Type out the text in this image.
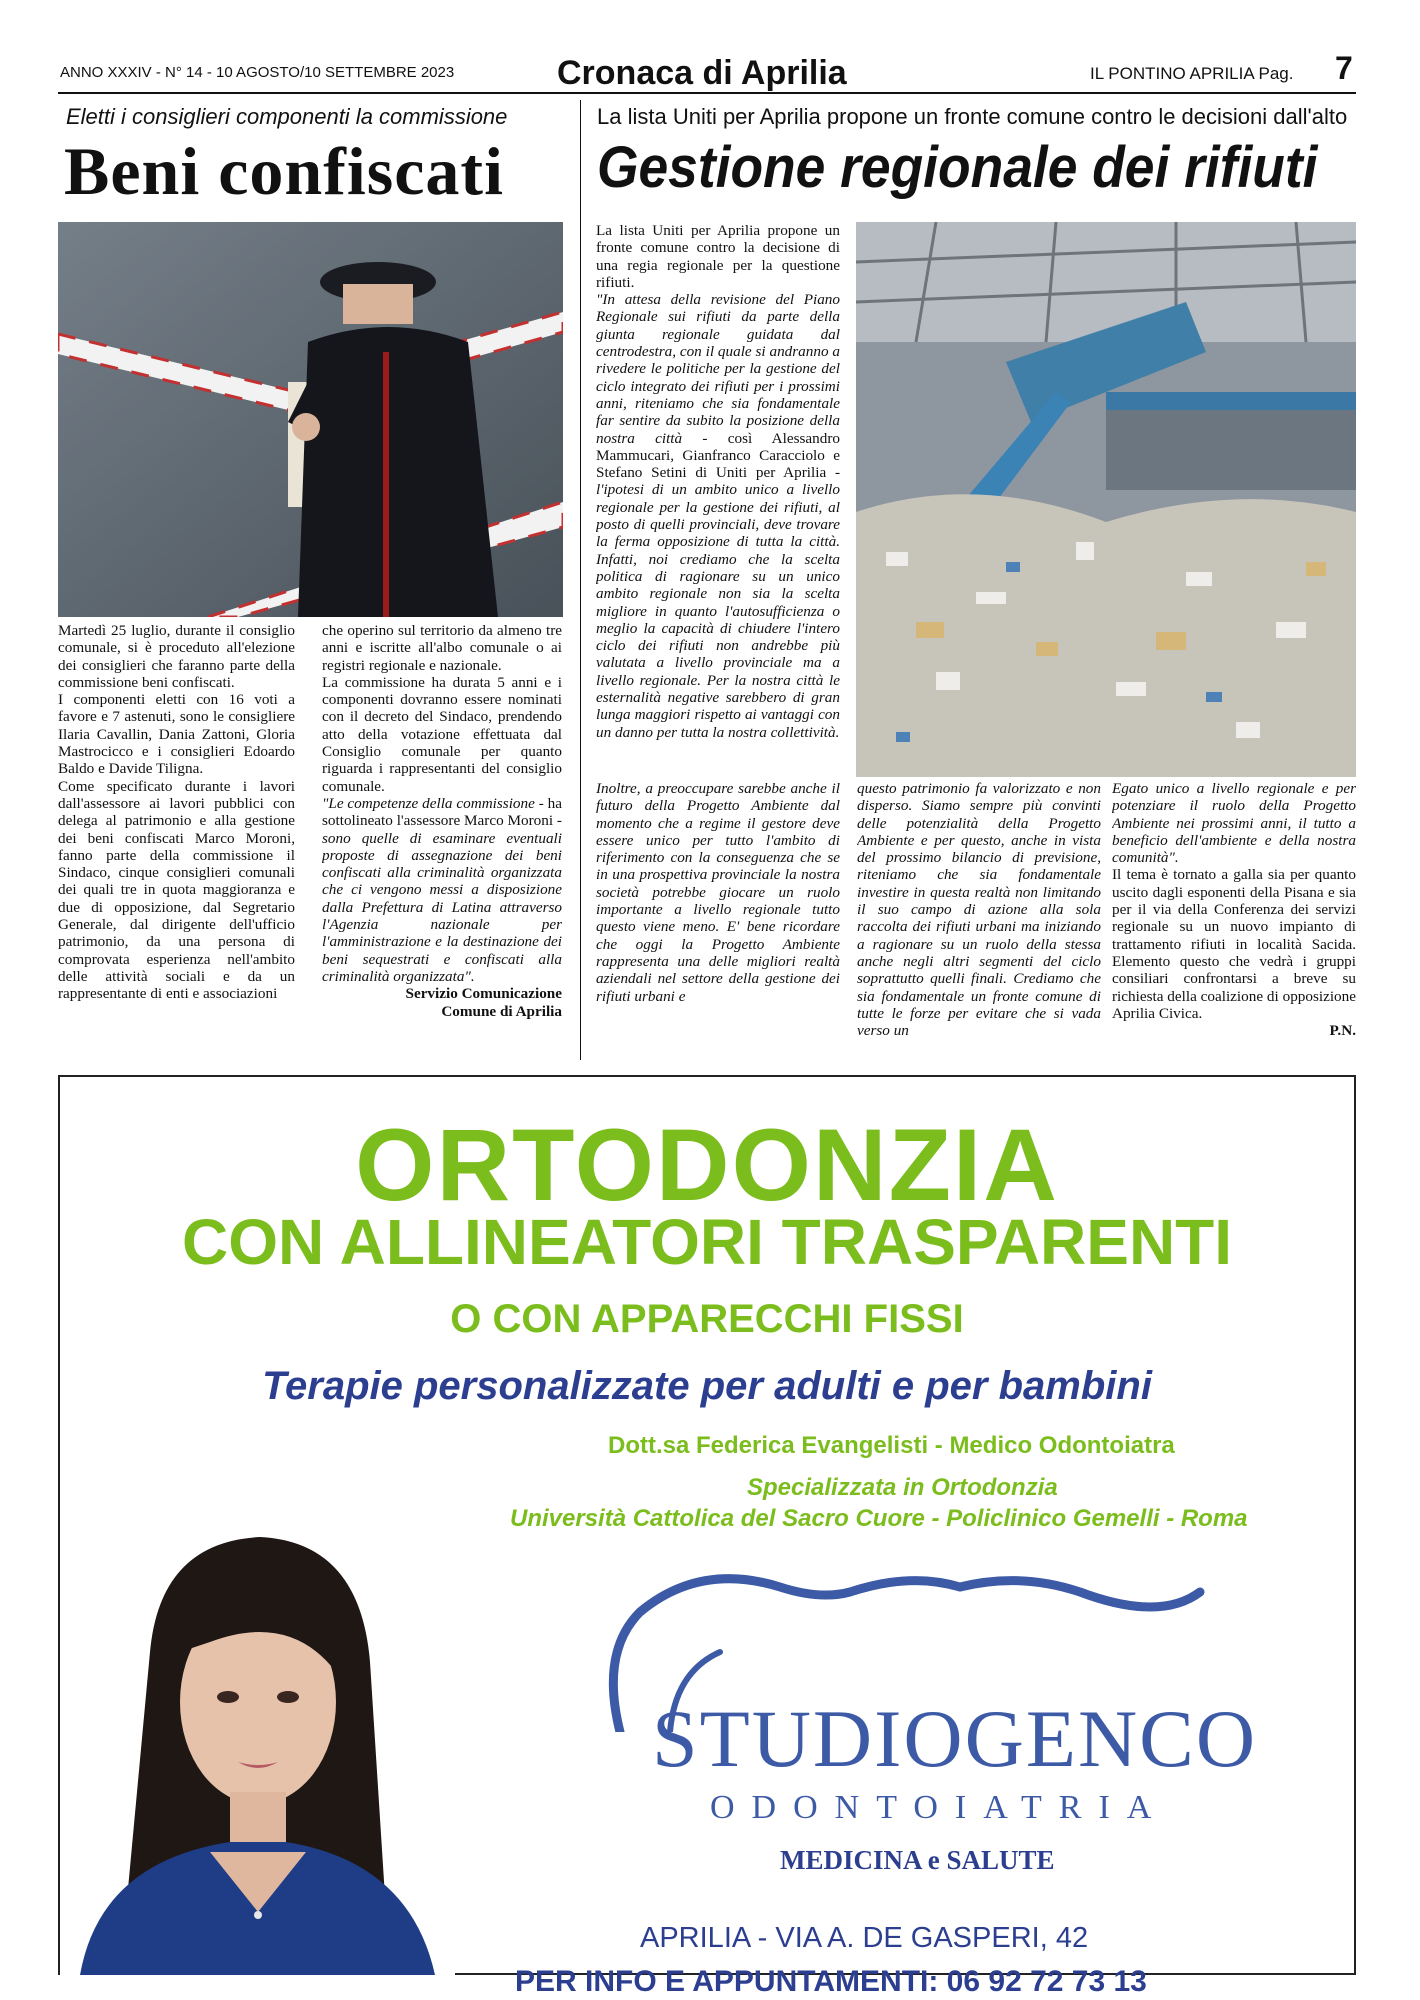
ANNO XXXIV - N° 14 - 10 AGOSTO/10 SETTEMBRE 2023	Cronaca di Aprilia	IL PONTINO APRILIA Pag. 7
Eletti i consiglieri componenti la commissione
Beni confiscati

Martedì 25 luglio, durante il consiglio comunale, si è proceduto all'elezione dei consiglieri che faranno parte della commissione beni confiscati.

I componenti eletti con 16 voti a favore e 7 astenuti, sono le consigliere Ilaria Cavallin, Dania Zattoni, Gloria Mastrocicco e i consiglieri Edoardo Baldo e Davide Tiligna.

Come specificato durante i lavori dall'assessore ai lavori pubblici con delega al patrimonio e alla gestione dei beni confiscati Marco Moroni, fanno parte della commissione il Sindaco, cinque consiglieri comunali dei quali tre in quota maggioranza e due di opposizione, dal Segretario Generale, dal dirigente dell'ufficio patrimonio, da una persona di comprovata esperienza nell'ambito delle attività sociali e da un rappresentante di enti e associazioni

che operino sul territorio da almeno tre anni e iscritte all'albo comunale o ai registri regionale e nazionale.

La commissione ha durata 5 anni e i componenti dovranno essere nominati con il decreto del Sindaco, prendendo atto della votazione effettuata dal Consiglio comunale per quanto riguarda i rappresentanti del consiglio comunale.

"Le competenze della commissione - ha sottolineato l'assessore Marco Moroni - sono quelle di esaminare eventuali proposte di assegnazione dei beni confiscati alla criminalità organizzata che ci vengono messi a disposizione dalla Prefettura di Latina attraverso l'Agenzia nazionale per l'amministrazione e la destinazione dei beni sequestrati e confiscati alla criminalità organizzata".

Servizio Comunicazione

Comune di Aprilia

La lista Uniti per Aprilia propone un fronte comune contro le decisioni dall'alto
Gestione regionale dei rifiuti

La lista Uniti per Aprilia propone un fronte comune contro la decisione di una regia regionale per la questione rifiuti.

"In attesa della revisione del Piano Regionale sui rifiuti da parte della giunta regionale guidata dal centrodestra, con il quale si andranno a rivedere le politiche per la gestione del ciclo integrato dei rifiuti per i prossimi anni, riteniamo che sia fondamentale far sentire da subito la posizione della nostra città - così Alessandro Mammucari, Gianfranco Caracciolo e Stefano Setini di Uniti per Aprilia - l'ipotesi di un ambito unico a livello regionale per la gestione dei rifiuti, al posto di quelli provinciali, deve trovare la ferma opposizione di tutta la città. Infatti, noi crediamo che la scelta politica di ragionare su un unico ambito regionale non sia la scelta migliore in quanto l'autosufficienza o meglio la capacità di chiudere l'intero ciclo dei rifiuti non andrebbe più valutata a livello provinciale ma a livello regionale. Per la nostra città le esternalità negative sarebbero di gran lunga maggiori rispetto ai vantaggi con un danno per tutta la nostra collettività.

Inoltre, a preoccupare sarebbe anche il futuro della Progetto Ambiente dal momento che a regime il gestore deve essere unico per tutto l'ambito di riferimento con la conseguenza che se in una prospettiva provinciale la nostra società potrebbe giocare un ruolo importante a livello regionale tutto questo viene meno. E' bene ricordare che oggi la Progetto Ambiente rappresenta una delle migliori realtà aziendali nel settore della gestione dei rifiuti urbani e

questo patrimonio fa valorizzato e non disperso. Siamo sempre più convinti delle potenzialità della Progetto Ambiente e per questo, anche in vista del prossimo bilancio di previsione, riteniamo che sia fondamentale investire in questa realtà non limitando il suo campo di azione alla sola raccolta dei rifiuti urbani ma iniziando a ragionare su un ruolo della stessa anche negli altri segmenti del ciclo soprattutto quelli finali. Crediamo che sia fondamentale un fronte comune di tutte le forze per evitare che si vada verso un

Egato unico a livello regionale e per potenziare il ruolo della Progetto Ambiente nei prossimi anni, il tutto a beneficio dell'ambiente e della nostra comunità".

Il tema è tornato a galla sia per quanto uscito dagli esponenti della Pisana e sia per il via della Conferenza dei servizi regionale su un nuovo impianto di trattamento rifiuti in località Sacida. Elemento questo che vedrà i gruppi consiliari confrontarsi a breve su richiesta della coalizione di opposizione Aprilia Civica.

P.N.

ORTODONZIA
CON ALLINEATORI TRASPARENTI
O CON APPARECCHI FISSI
Terapie personalizzate per adulti e per bambini
Dott.sa Federica Evangelisti - Medico Odontoiatra
Specializzata in Ortodonzia
Università Cattolica del Sacro Cuore - Policlinico Gemelli - Roma
STUDIOGENCO
ODONTOIATRIA
MEDICINA e SALUTE
APRILIA - VIA A. DE GASPERI, 42
PER INFO E APPUNTAMENTI: 06 92 72 73 13
